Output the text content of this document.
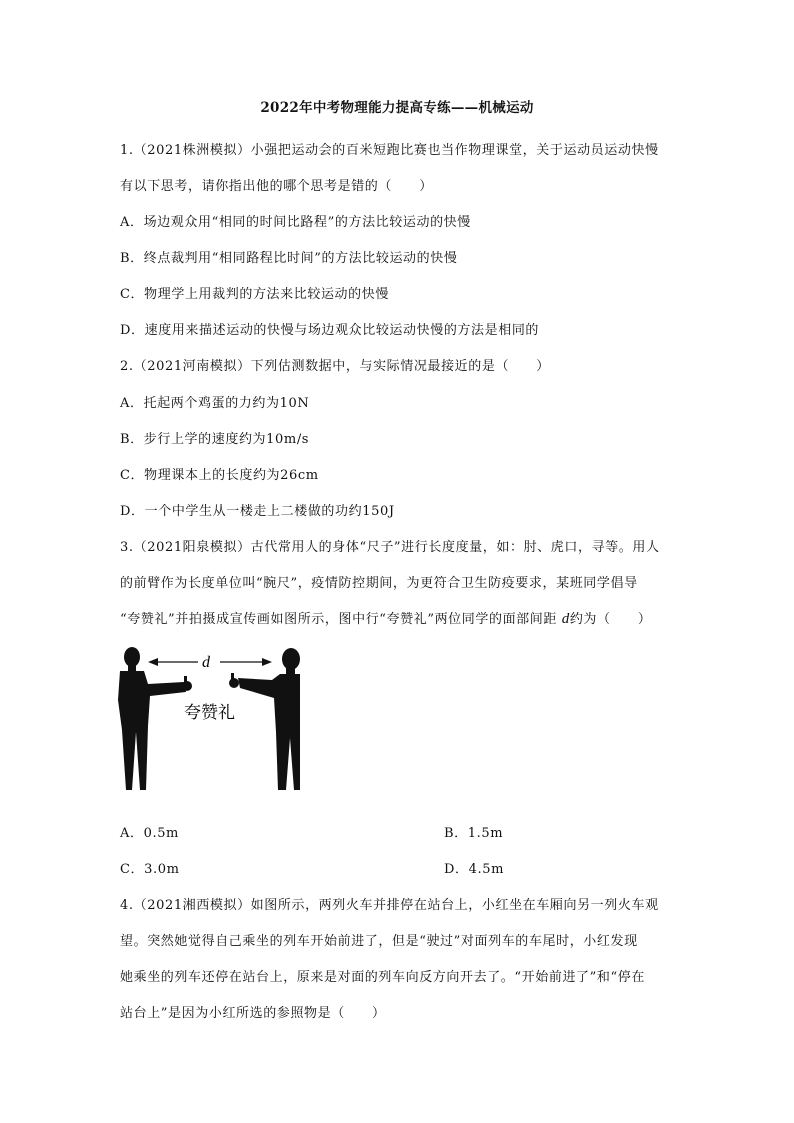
2022年中考物理能力提高专练——机械运动
1.（2021株洲模拟）小强把运动会的百米短跑比赛也当作物理课堂，关于运动员运动快慢
有以下思考，请你指出他的哪个思考是错的（　　）
A．场边观众用“相同的时间比路程”的方法比较运动的快慢
B．终点裁判用“相同路程比时间”的方法比较运动的快慢
C．物理学上用裁判的方法来比较运动的快慢
D．速度用来描述运动的快慢与场边观众比较运动快慢的方法是相同的
2.（2021河南模拟）下列估测数据中，与实际情况最接近的是（　　）
A．托起两个鸡蛋的力约为10N
B．步行上学的速度约为10m/s
C．物理课本上的长度约为26cm
D．一个中学生从一楼走上二楼做的功约150J
3.（2021阳泉模拟）古代常用人的身体“尺子”进行长度度量，如：肘、虎口，寻等。用人
的前臂作为长度单位叫“腕尺”，疫情防控期间，为更符合卫生防疫要求，某班同学倡导
“夸赞礼”并拍摄成宣传画如图所示，图中行“夸赞礼”两位同学的面部间距 d约为（　　）
d
夸赞礼
A．0.5m	B．1.5m
C．3.0m	D．4.5m
4.（2021湘西模拟）如图所示，两列火车并排停在站台上，小红坐在车厢向另一列火车观
望。突然她觉得自己乘坐的列车开始前进了，但是“驶过”对面列车的车尾时，小红发现
她乘坐的列车还停在站台上，原来是对面的列车向反方向开去了。“开始前进了”和“停在
站台上”是因为小红所选的参照物是（　　）
